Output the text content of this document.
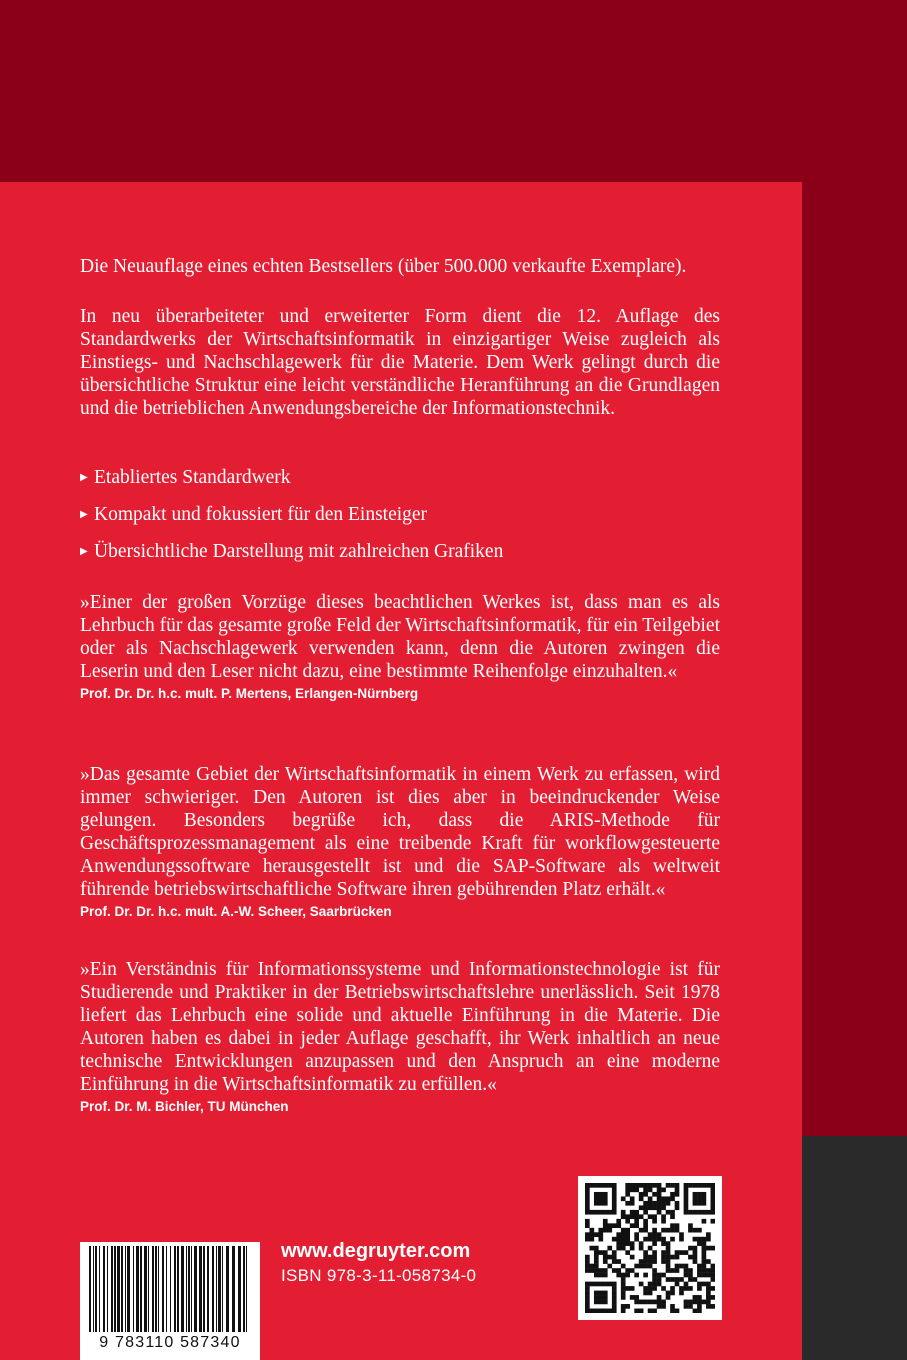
Die Neuauflage eines echten Bestsellers (über 500.000 verkaufte Exemplare).

In neu überarbeiteter und erweiterter Form dient die 12. Auflage des Standardwerks der Wirtschaftsinformatik in einzigartiger Weise zugleich als Einstiegs- und Nachschlagewerk für die Materie. Dem Werk gelingt durch die übersichtliche Struktur eine leicht verständliche Heranführung an die Grundlagen und die betrieblichen Anwendungsbereiche der Informationstechnik.

▶ Etabliertes Standardwerk
▶ Kompakt und fokussiert für den Einsteiger
▶ Übersichtliche Darstellung mit zahlreichen Grafiken

»Einer der großen Vorzüge dieses beachtlichen Werkes ist, dass man es als Lehrbuch für das gesamte große Feld der Wirtschaftsinformatik, für ein Teilgebiet oder als Nachschlagewerk verwenden kann, denn die Autoren zwingen die Leserin und den Leser nicht dazu, eine bestimmte Reihenfolge einzuhalten.«

Prof. Dr. Dr. h.c. mult. P. Mertens, Erlangen-Nürnberg

»Das gesamte Gebiet der Wirtschaftsinformatik in einem Werk zu erfassen, wird immer schwieriger. Den Autoren ist dies aber in beeindruckender Weise gelungen. Besonders begrüße ich, dass die ARIS-Methode für Geschäftsprozessmanagement als eine treibende Kraft für workflowgesteuerte Anwendungssoftware herausgestellt ist und die SAP-Software als weltweit führende betriebswirtschaftliche Software ihren gebührenden Platz erhält.«

Prof. Dr. Dr. h.c. mult. A.-W. Scheer, Saarbrücken

»Ein Verständnis für Informationssysteme und Informationstechnologie ist für Studierende und Praktiker in der Betriebswirtschaftslehre unerlässlich. Seit 1978 liefert das Lehrbuch eine solide und aktuelle Einführung in die Materie. Die Autoren haben es dabei in jeder Auflage geschafft, ihr Werk inhaltlich an neue technische Entwicklungen anzupassen und den Anspruch an eine moderne Einführung in die Wirtschaftsinformatik zu erfüllen.«

Prof. Dr. M. Bichler, TU München
9 783110 587340
www.degruyter.com
ISBN 978-3-11-058734-0
